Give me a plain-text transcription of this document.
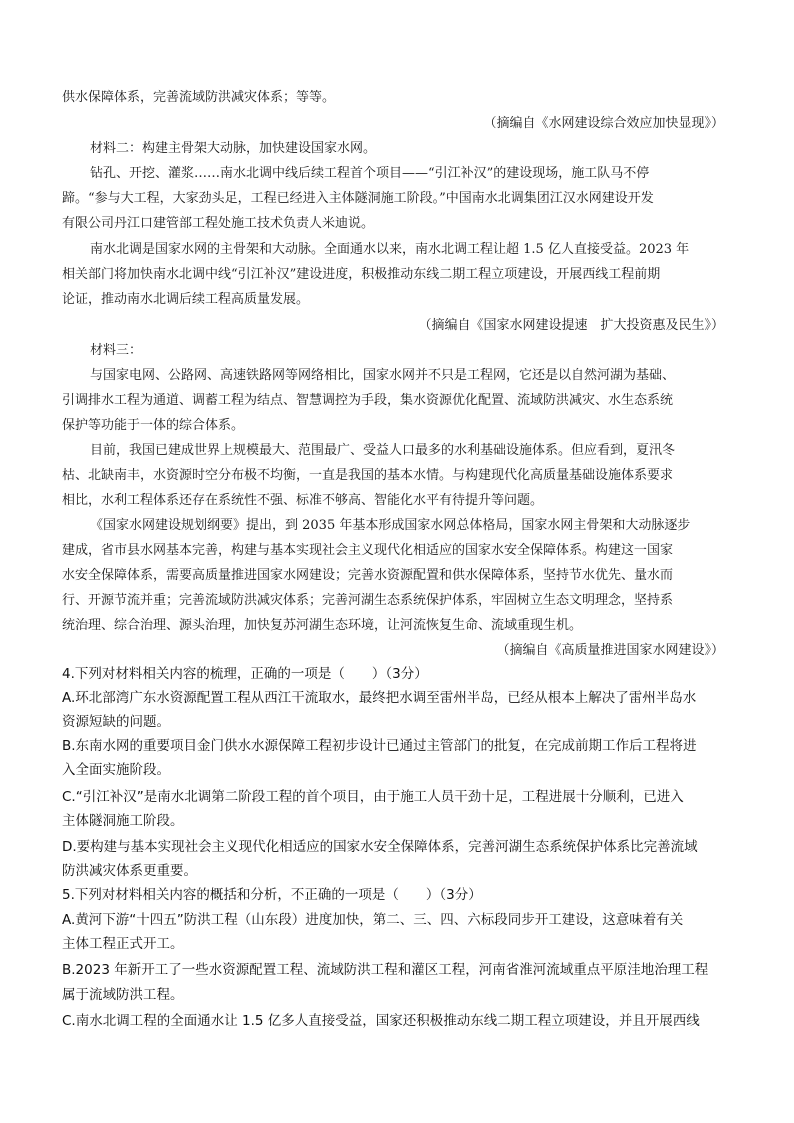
供水保障体系，完善流域防洪减灾体系；等等。
（摘编自《水网建设综合效应加快显现》）
材料二：构建主骨架大动脉，加快建设国家水网。
钻孔、开挖、灌浆……南水北调中线后续工程首个项目——“引江补汉”的建设现场，施工队马不停
蹄。“参与大工程，大家劲头足，工程已经进入主体隧洞施工阶段。”中国南水北调集团江汉水网建设开发
有限公司丹江口建管部工程处施工技术负责人米迪说。
南水北调是国家水网的主骨架和大动脉。全面通水以来，南水北调工程让超 1.5 亿人直接受益。2023 年
相关部门将加快南水北调中线“引江补汉”建设进度，积极推动东线二期工程立项建设，开展西线工程前期
论证，推动南水北调后续工程高质量发展。
（摘编自《国家水网建设提速　扩大投资惠及民生》）
材料三：
与国家电网、公路网、高速铁路网等网络相比，国家水网并不只是工程网，它还是以自然河湖为基础、
引调排水工程为通道、调蓄工程为结点、智慧调控为手段，集水资源优化配置、流域防洪减灾、水生态系统
保护等功能于一体的综合体系。
目前，我国已建成世界上规模最大、范围最广、受益人口最多的水利基础设施体系。但应看到，夏汛冬
枯、北缺南丰，水资源时空分布极不均衡，一直是我国的基本水情。与构建现代化高质量基础设施体系要求
相比，水利工程体系还存在系统性不强、标准不够高、智能化水平有待提升等问题。
《国家水网建设规划纲要》提出，到 2035 年基本形成国家水网总体格局，国家水网主骨架和大动脉逐步
建成，省市县水网基本完善，构建与基本实现社会主义现代化相适应的国家水安全保障体系。构建这一国家
水安全保障体系，需要高质量推进国家水网建设；完善水资源配置和供水保障体系，坚持节水优先、量水而
行、开源节流并重；完善流域防洪减灾体系；完善河湖生态系统保护体系，牢固树立生态文明理念，坚持系
统治理、综合治理、源头治理，加快复苏河湖生态环境，让河流恢复生命、流域重现生机。
（摘编自《高质量推进国家水网建设》）
4.下列对材料相关内容的梳理，正确的一项是（　　）（3分）
A.环北部湾广东水资源配置工程从西江干流取水，最终把水调至雷州半岛，已经从根本上解决了雷州半岛水
资源短缺的问题。
B.东南水网的重要项目金门供水水源保障工程初步设计已通过主管部门的批复，在完成前期工作后工程将进
入全面实施阶段。
C.“引江补汉”是南水北调第二阶段工程的首个项目，由于施工人员干劲十足，工程进展十分顺利，已进入
主体隧洞施工阶段。
D.要构建与基本实现社会主义现代化相适应的国家水安全保障体系，完善河湖生态系统保护体系比完善流域
防洪减灾体系更重要。
5.下列对材料相关内容的概括和分析，不正确的一项是（　　）（3分）
A.黄河下游“十四五”防洪工程（山东段）进度加快，第二、三、四、六标段同步开工建设，这意味着有关
主体工程正式开工。
B.2023 年新开工了一些水资源配置工程、流域防洪工程和灌区工程，河南省淮河流域重点平原洼地治理工程
属于流域防洪工程。
C.南水北调工程的全面通水让 1.5 亿多人直接受益，国家还积极推动东线二期工程立项建设，并且开展西线
